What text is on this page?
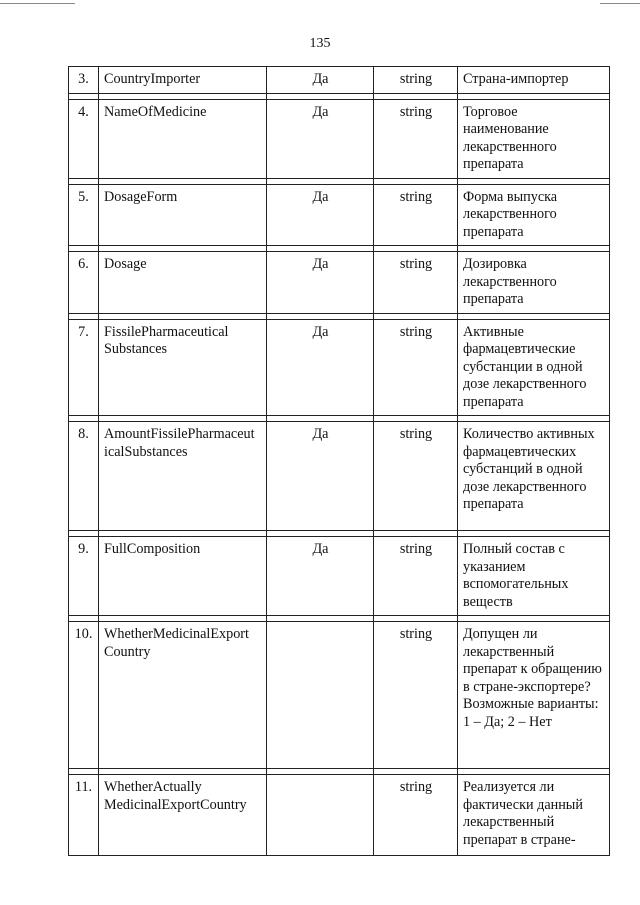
135
3.	CountryImporter	Да	string	Страна-импортер

4.	NameOfMedicine	Да	string	Торговое наименование лекарственного препарата

5.	DosageForm	Да	string	Форма выпуска лекарственного препарата

6.	Dosage	Да	string	Дозировка лекарственного препарата

7.	FissilePharmaceutical Substances	Да	string	Активные фармацевтические субстанции в одной дозе лекарственного препарата

8.	AmountFissilePharmaceut icalSubstances	Да	string	Количество активных фармацевтических субстанций в одной дозе лекарственного препарата

9.	FullComposition	Да	string	Полный состав с указанием вспомогательных веществ

10.	WhetherMedicinalExport Country		string	Допущен ли лекарственный препарат к обращению в стране-экспортере? Возможные варианты: 1 – Да; 2 – Нет

11.	WhetherActually MedicinalExportCountry		string	Реализуется ли фактически данный лекарственный препарат в стране-
